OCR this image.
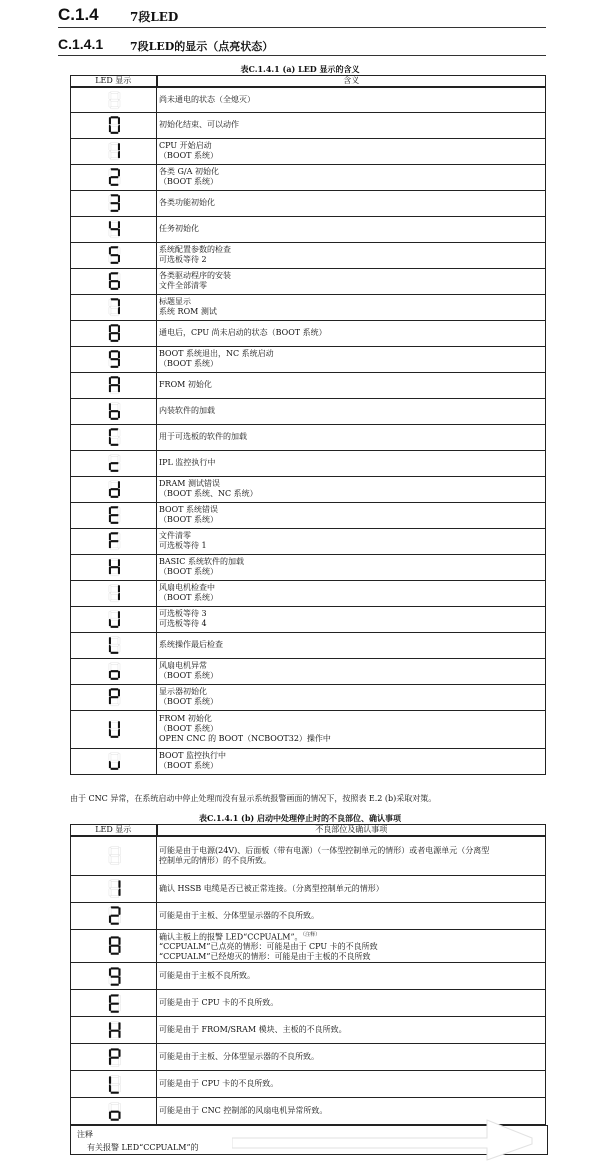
C.1.4	7段LED
C.1.4.1 7段LED的显示（点亮状态）
表C.1.4.1 (a) LED 显示的含义
LED 显示	含义

尚未通电的状态（全熄灭）

初始化结束、可以动作

CPU 开始启动
（BOOT 系统）

各类 G/A 初始化
（BOOT 系统）

各类功能初始化

任务初始化

系统配置参数的检查
可选板等待 2

各类驱动程序的安装
文件全部清零

标题显示
系统 ROM 测试

通电后，CPU 尚未启动的状态（BOOT 系统）

BOOT 系统退出，NC 系统启动
（BOOT 系统）

FROM 初始化

内装软件的加载

用于可选板的软件的加载

IPL 监控执行中

DRAM 测试错误
（BOOT 系统、NC 系统）

BOOT 系统错误
（BOOT 系统）

文件清零
可选板等待 1

BASIC 系统软件的加载
（BOOT 系统）

风扇电机检查中
（BOOT 系统）

可选板等待 3
可选板等待 4

系统操作最后检查

风扇电机异常
（BOOT 系统）

显示器初始化
（BOOT 系统）

FROM 初始化
（BOOT 系统）
OPEN CNC 的 BOOT（NCBOOT32）操作中

BOOT 监控执行中
（BOOT 系统）
由于 CNC 异常，在系统启动中停止处理而没有显示系统报警画面的情况下，按照表 E.2 (b)采取对策。
表C.1.4.1 (b) 启动中处理停止时的不良部位、确认事项
LED 显示	不良部位及确认事项

可能是由于电源(24V)、后面板（带有电源）（一体型控制单元的情形）或者电源单元（分离型
控制单元的情形）的不良所致。

确认 HSSB 电缆是否已被正常连接。（分离型控制单元的情形）

可能是由于主板、分体型显示器的不良所致。

确认主板上的报警 LED“CCPUALM”。$^{(注释)}$
“CCPUALM”已点亮的情形：可能是由于 CPU 卡的不良所致
“CCPUALM”已经熄灭的情形：可能是由于主板的不良所致

可能是由于主板不良所致。

可能是由于 CPU 卡的不良所致。

可能是由于 FROM/SRAM 模块、主板的不良所致。

可能是由于主板、分体型显示器的不良所致。

可能是由于 CPU 卡的不良所致。

可能是由于 CNC 控制部的风扇电机异常所致。
注释
有关报警 LED“CCPUALM”的
